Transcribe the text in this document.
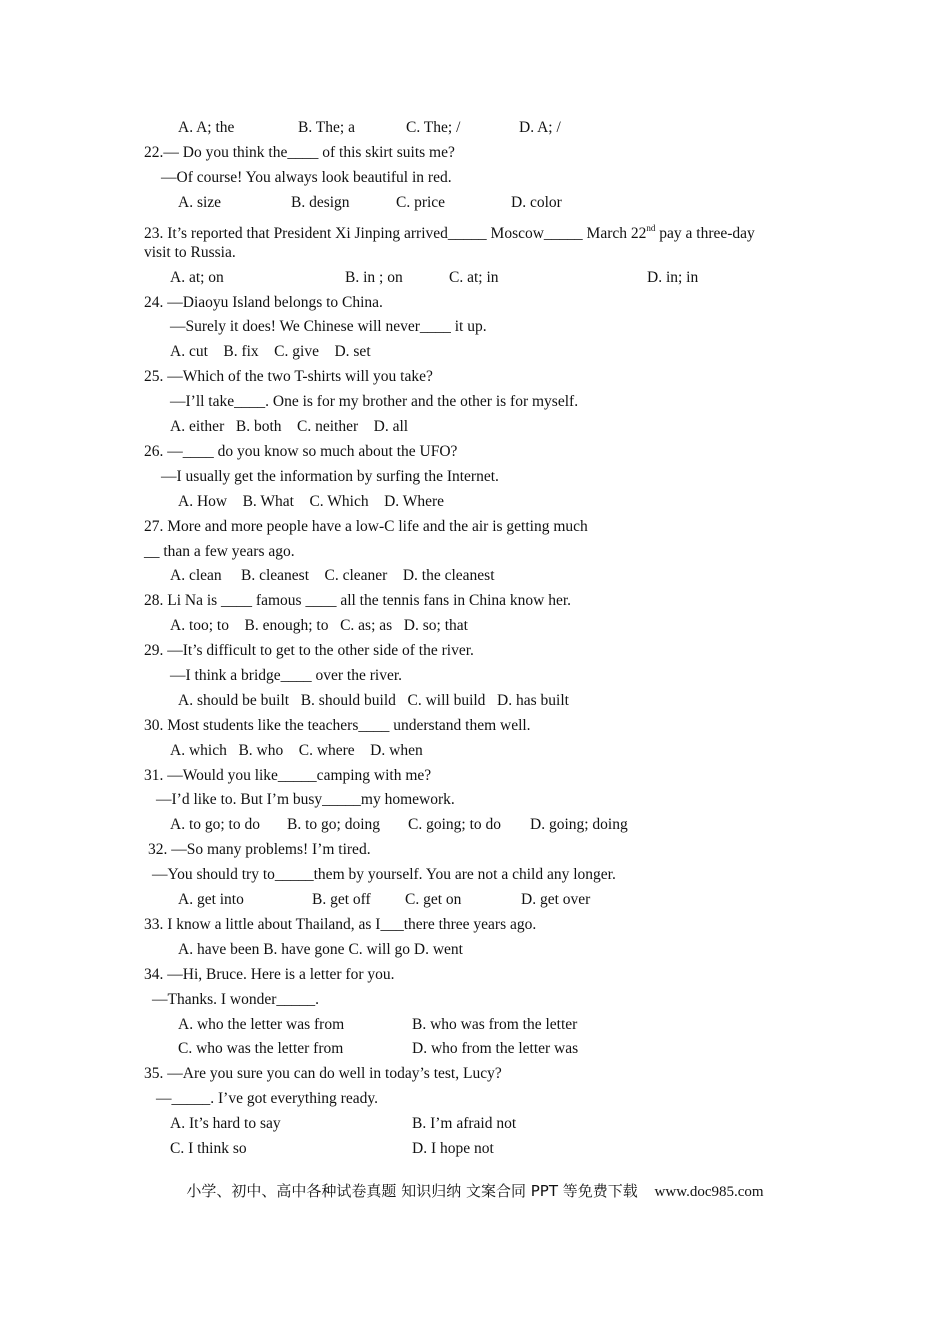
A. A; the	B. The; a	C. The; /	D. A; /
22.— Do you think the____ of this skirt suits me?
—Of course! You always look beautiful in red.
A. size	B. design	C. price	D. color
23. It’s reported that President Xi Jinping arrived_____ Moscow_____ March 22nd pay a three-day
visit to Russia.
A. at; on	B. in ; on	C. at; in	D. in; in
24. —Diaoyu Island belongs to China.
—Surely it does! We Chinese will never____ it up.
A. cut    B. fix    C. give    D. set
25. —Which of the two T-shirts will you take?
—I’ll take____. One is for my brother and the other is for myself.
A. either   B. both    C. neither    D. all
26. —____ do you know so much about the UFO?
—I usually get the information by surfing the Internet.
A. How    B. What    C. Which    D. Where
27. More and more people have a low-C life and the air is getting much
__ than a few years ago.
A. clean     B. cleanest    C. cleaner    D. the cleanest
28. Li Na is ____ famous ____ all the tennis fans in China know her.
A. too; to    B. enough; to   C. as; as   D. so; that
29. —It’s difficult to get to the other side of the river.
—I think a bridge____ over the river.
A. should be built   B. should build   C. will build   D. has built
30. Most students like the teachers____ understand them well.
A. which   B. who    C. where    D. when
31. —Would you like_____camping with me?
—I’d like to. But I’m busy_____my homework.
A. to go; to do B. to go; doing C. going; to do D. going; doing
32. —So many problems! I’m tired.
—You should try to_____them by yourself. You are not a child any longer.
A. get into	B. get off C. get on	D. get over
33. I know a little about Thailand, as I___there three years ago.
A. have been B. have gone C. will go D. went
34. —Hi, Bruce. Here is a letter for you.
—Thanks. I wonder_____.
A. who the letter was from	B. who was from the letter
C. who was the letter from	D. who from the letter was
35. —Are you sure you can do well in today’s test, Lucy?
—_____. I’ve got everything ready.
A. It’s hard to say	B. I’m afraid not
C. I think so	D. I hope not
小学、初中、高中各种试卷真题 知识归纳 文案合同 PPT 等免费下载 www.doc985.com
